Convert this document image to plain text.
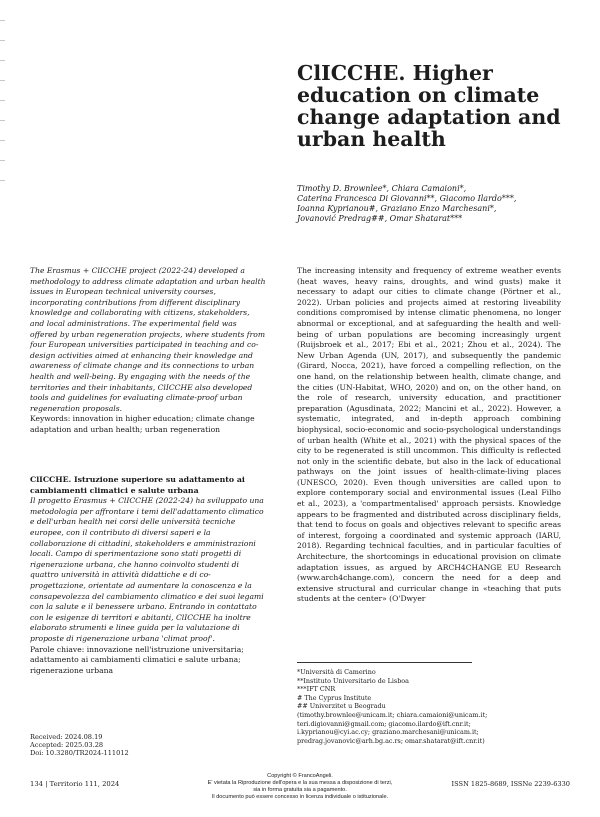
ClICCHE. Higher education on climate change adaptation and urban health
Timothy D. Brownlee*, Chiara Camaioni*,
Caterina Francesca Di Giovanni**, Giacomo Ilardo***,
Ioanna Kyprianou#, Graziano Enzo Marchesani*,
Jovanović Predrag##, Omar Shatarat***
The Erasmus + ClICCHE project (2022-24) developed a methodology to address climate adaptation and urban health issues in European technical university courses, incorporating contributions from different disciplinary knowledge and collaborating with citizens, stakeholders, and local administrations. The experimental field was offered by urban regeneration projects, where students from four European universities participated in teaching and co-design activities aimed at enhancing their knowledge and awareness of climate change and its connections to urban health and well-being. By engaging with the needs of the territories and their inhabitants, ClICCHE also developed tools and guidelines for evaluating climate-proof urban regeneration proposals.
Keywords: innovation in higher education; climate change adaptation and urban health; urban regeneration
ClICCHE. Istruzione superiore su adattamento ai cambiamenti climatici e salute urbana
Il progetto Erasmus + ClICCHE (2022-24) ha sviluppato una metodologia per affrontare i temi dell'adattamento climatico e dell'urban health nei corsi delle università tecniche europee, con il contributo di diversi saperi e la collaborazione di cittadini, stakeholders e amministrazioni locali. Campo di sperimentazione sono stati progetti di rigenerazione urbana, che hanno coinvolto studenti di quattro università in attività didattiche e di co-progettazione, orientate ad aumentare la conoscenza e la consapevolezza del cambiamento climatico e dei suoi legami con la salute e il benessere urbano. Entrando in contattato con le esigenze di territori e abitanti, ClICCHE ha inoltre elaborato strumenti e linee guida per la valutazione di proposte di rigenerazione urbana 'climat proof'.
Parole chiave: innovazione nell'istruzione universitaria; adattamento ai cambiamenti climatici e salute urbana; rigenerazione urbana
The increasing intensity and frequency of extreme weather events (heat waves, heavy rains, droughts, and wind gusts) make it necessary to adapt our cities to climate change (Pörtner et al., 2022). Urban policies and projects aimed at restoring liveability conditions compromised by intense climatic phenomena, no longer abnormal or exceptional, and at safeguarding the health and well-being of urban populations are becoming increasingly urgent (Ruijsbroek et al., 2017; Ebi et al., 2021; Zhou et al., 2024). The New Urban Agenda (UN, 2017), and subsequently the pandemic (Girard, Nocca, 2021), have forced a compelling reflection, on the one hand, on the relationship between health, climate change, and the cities (UN-Habitat, WHO, 2020) and on, on the other hand, on the role of research, university education, and practitioner preparation (Agusdinata, 2022; Mancini et al., 2022). However, a systematic, integrated, and in-depth approach combining biophysical, socio-economic and socio-psychological understandings of urban health (White et al., 2021) with the physical spaces of the city to be regenerated is still uncommon. This difficulty is reflected not only in the scientific debate, but also in the lack of educational pathways on the joint issues of health-climate-living places (UNESCO, 2020). Even though universities are called upon to explore contemporary social and environmental issues (Leal Filho et al., 2023), a 'compartmentalised' approach persists. Knowledge appears to be fragmented and distributed across disciplinary fields, that tend to focus on goals and objectives relevant to specific areas of interest, forgoing a coordinated and systemic approach (IARU, 2018). Regarding technical faculties, and in particular faculties of Architecture, the shortcomings in educational provision on climate adaptation issues, as argued by ARCH4CHANGE EU Research (www.arch4change.com), concern the need for a deep and extensive structural and curricular change in «teaching that puts students at the center» (O'Dwyer
*Università di Camerino
**Instituto Universitario de Lisboa
***IFT CNR
# The Cyprus Institute
## Univerzitet u Beogradu
(timothy.brownlee@unicam.it; chiara.camaioni@unicam.it;
teri.digiovanni@gmail.com; giacomo.ilardo@ift.cnr.it;
i.kyprianou@cyi.ac.cy; graziano.marchesani@unicam.it;
predrag.jovanovic@arh.bg.ac.rs; omar.shatarat@ift.cnr.it)
Received: 2024.08.19
Accepted: 2025.03.28
Doi: 10.3280/TR2024-111012
134 | Territorio 111, 2024
Copyright © FrancoAngeli.
E' vietata la Riproduzione dell'opera e la sua messa a disposizione di terzi,
sia in forma gratuita sia a pagamento.
Il documento può essere concesso in licenza individuale o istituzionale.
ISSN 1825-8689, ISSNe 2239-6330
